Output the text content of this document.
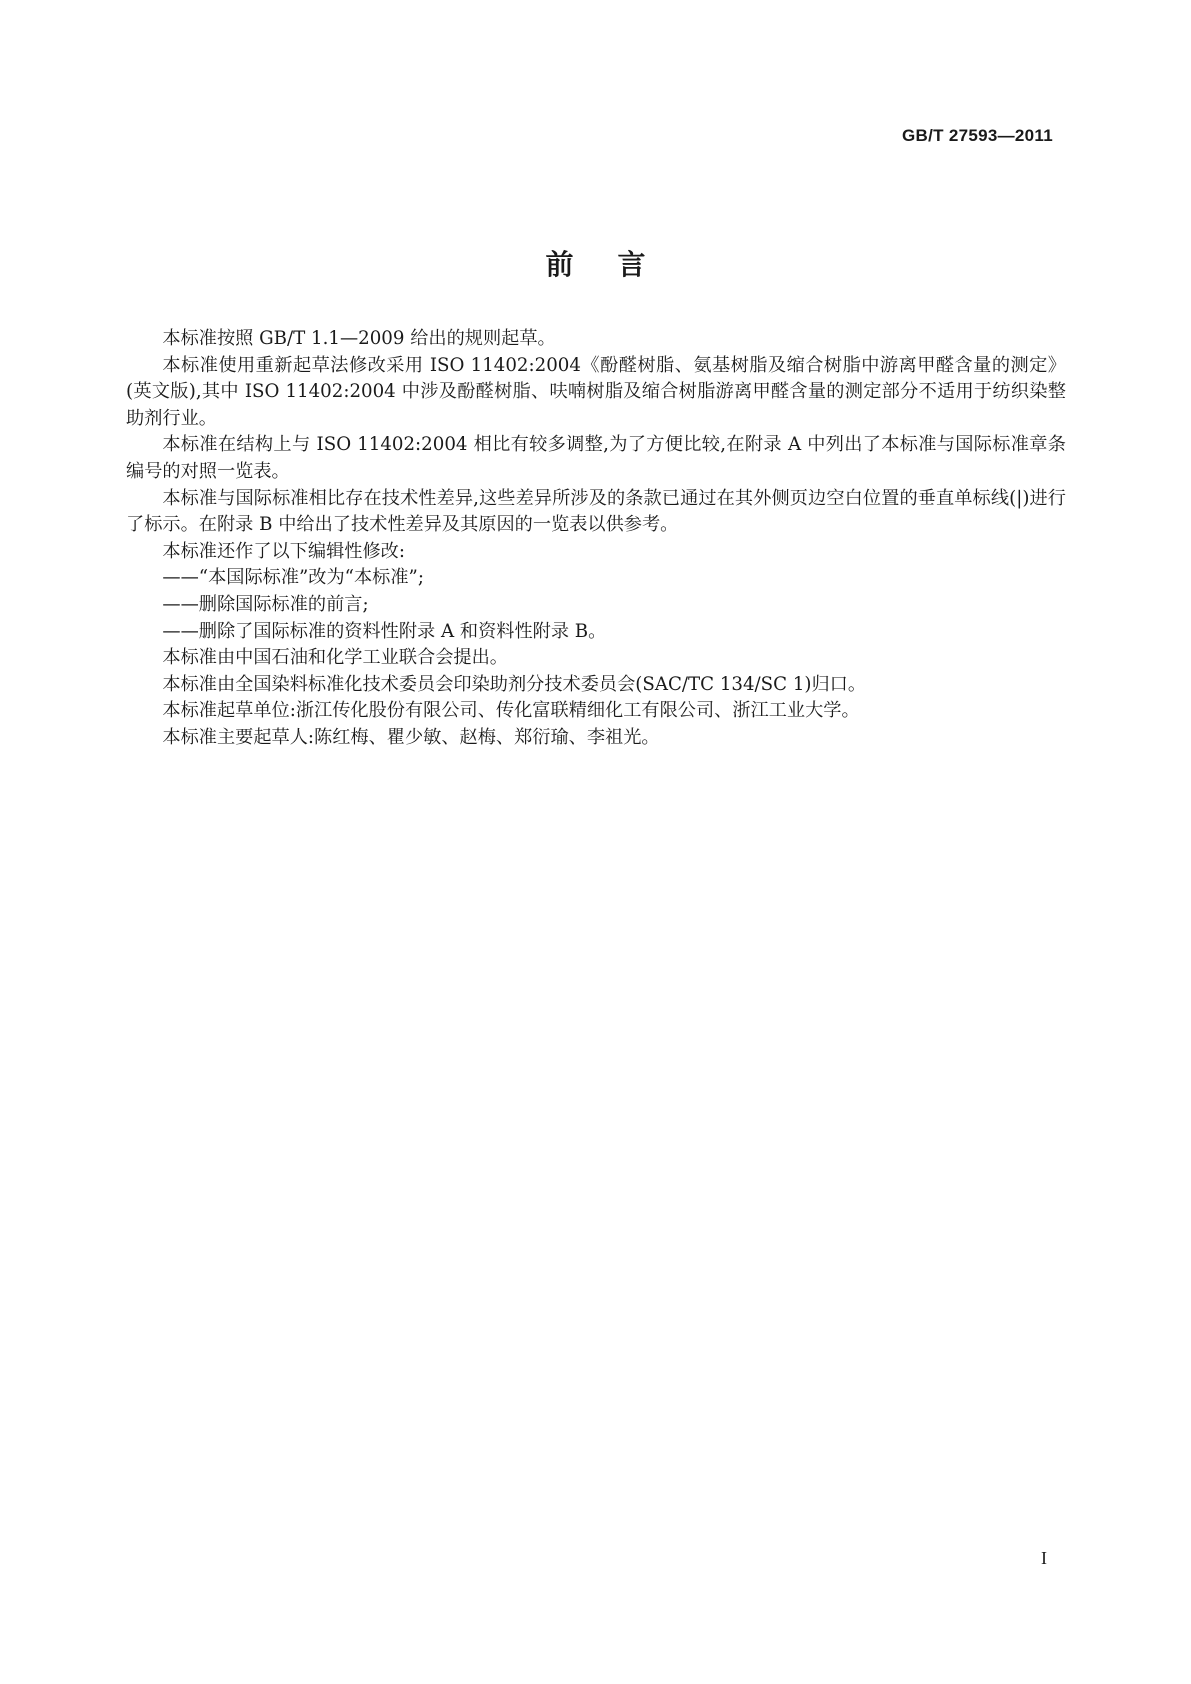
GB/T 27593—2011
前言

本标准按照 GB/T 1.1—2009 给出的规则起草。

本标准使用重新起草法修改采用 ISO 11402:2004《酚醛树脂、氨基树脂及缩合树脂中游离甲醛含量的测定》(英文版),其中 ISO 11402:2004 中涉及酚醛树脂、呋喃树脂及缩合树脂游离甲醛含量的测定部分不适用于纺织染整助剂行业。

本标准在结构上与 ISO 11402:2004 相比有较多调整,为了方便比较,在附录 A 中列出了本标准与国际标准章条编号的对照一览表。

本标准与国际标准相比存在技术性差异,这些差异所涉及的条款已通过在其外侧页边空白位置的垂直单标线(|)进行了标示。在附录 B 中给出了技术性差异及其原因的一览表以供参考。

本标准还作了以下编辑性修改:

——“本国际标准”改为“本标准”;

——删除国际标准的前言;

——删除了国际标准的资料性附录 A 和资料性附录 B。

本标准由中国石油和化学工业联合会提出。

本标准由全国染料标准化技术委员会印染助剂分技术委员会(SAC/TC 134/SC 1)归口。

本标准起草单位:浙江传化股份有限公司、传化富联精细化工有限公司、浙江工业大学。

本标准主要起草人:陈红梅、瞿少敏、赵梅、郑衍瑜、李祖光。

I
